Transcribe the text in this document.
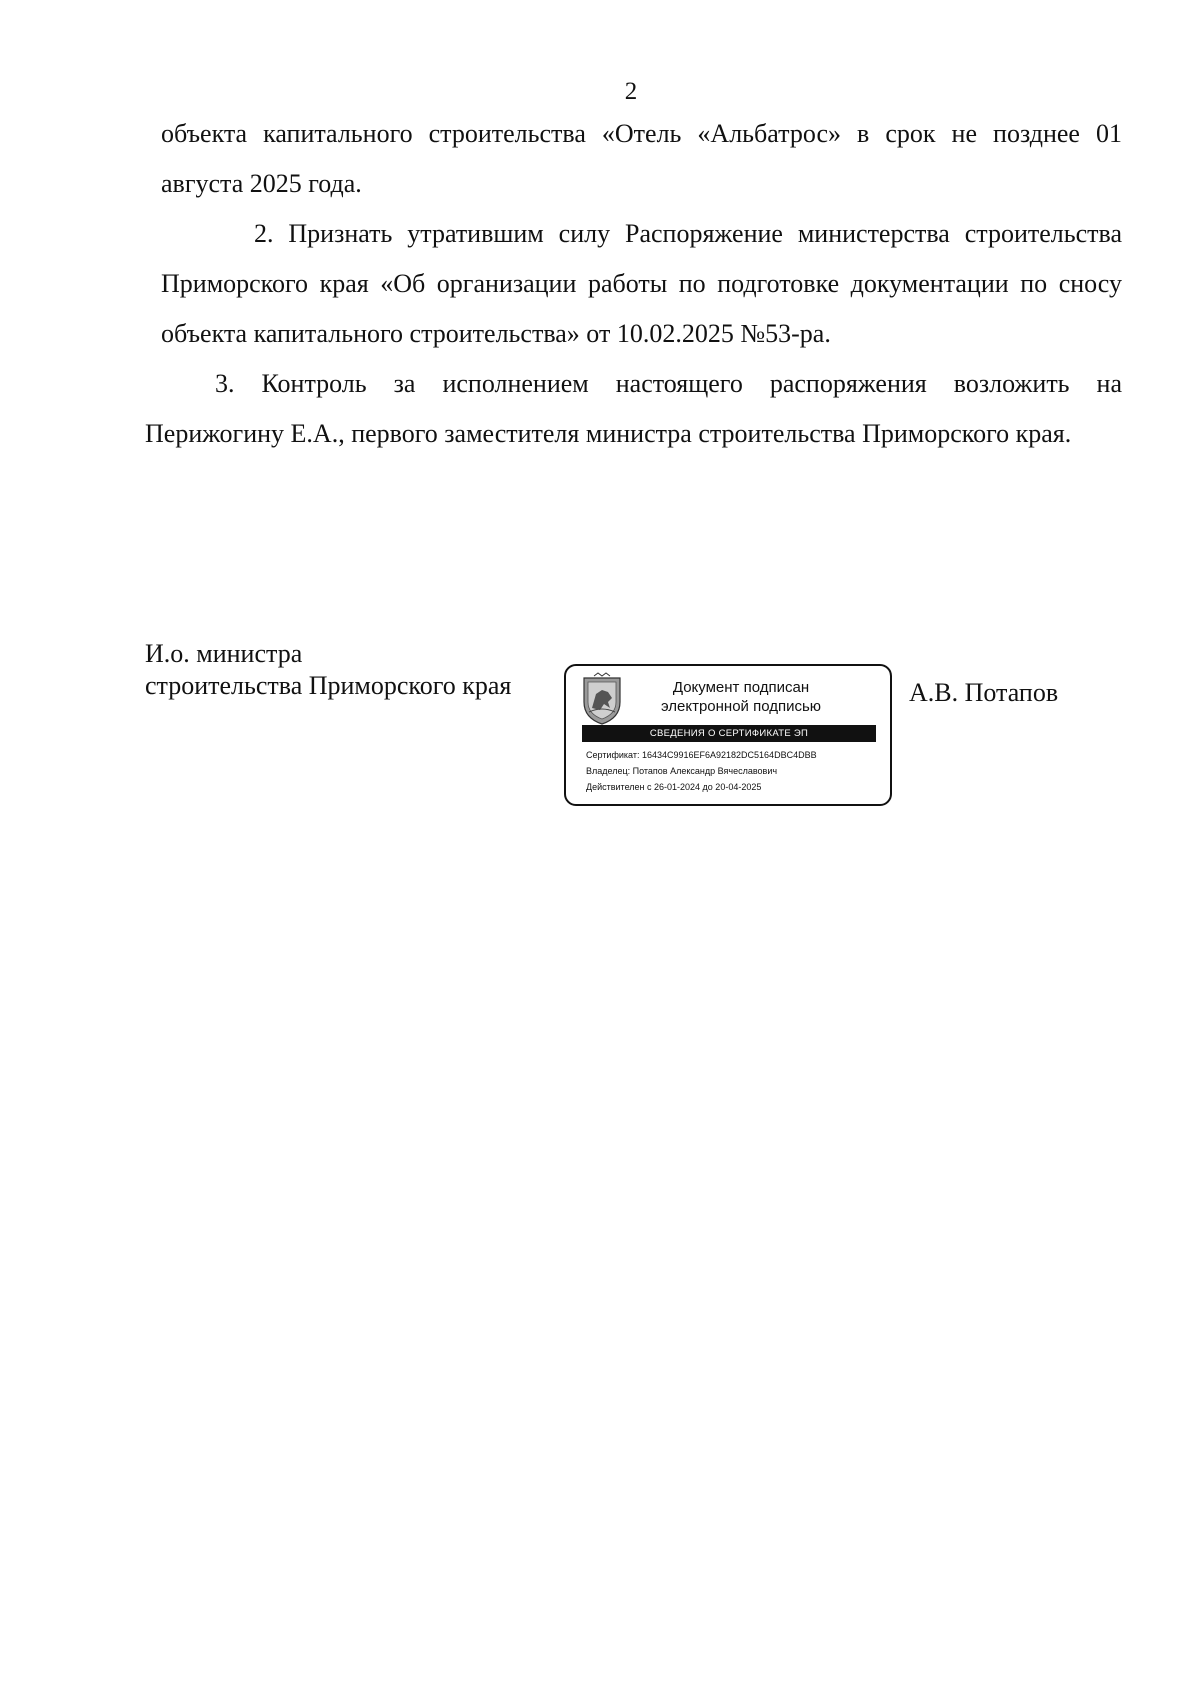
2

объекта капитального строительства «Отель «Альбатрос» в срок не позднее 01 августа 2025 года.

2. Признать утратившим силу Распоряжение министерства строительства Приморского края «Об организации работы по подготовке документации по сносу объекта капитального строительства» от 10.02.2025 №53-ра.

3. Контроль за исполнением настоящего распоряжения возложить на Перижогину Е.А., первого заместителя министра строительства Приморского края.

И.о. министра
строительства Приморского края	Документ подписан
электронной подписью
СВЕДЕНИЯ О СЕРТИФИКАТЕ ЭП
Сертификат: 16434C9916EF6A92182DC5164DBC4DBB
Владелец: Потапов Александр Вячеславович
Действителен с 26-01-2024 до 20-04-2025
А.В. Потапов
